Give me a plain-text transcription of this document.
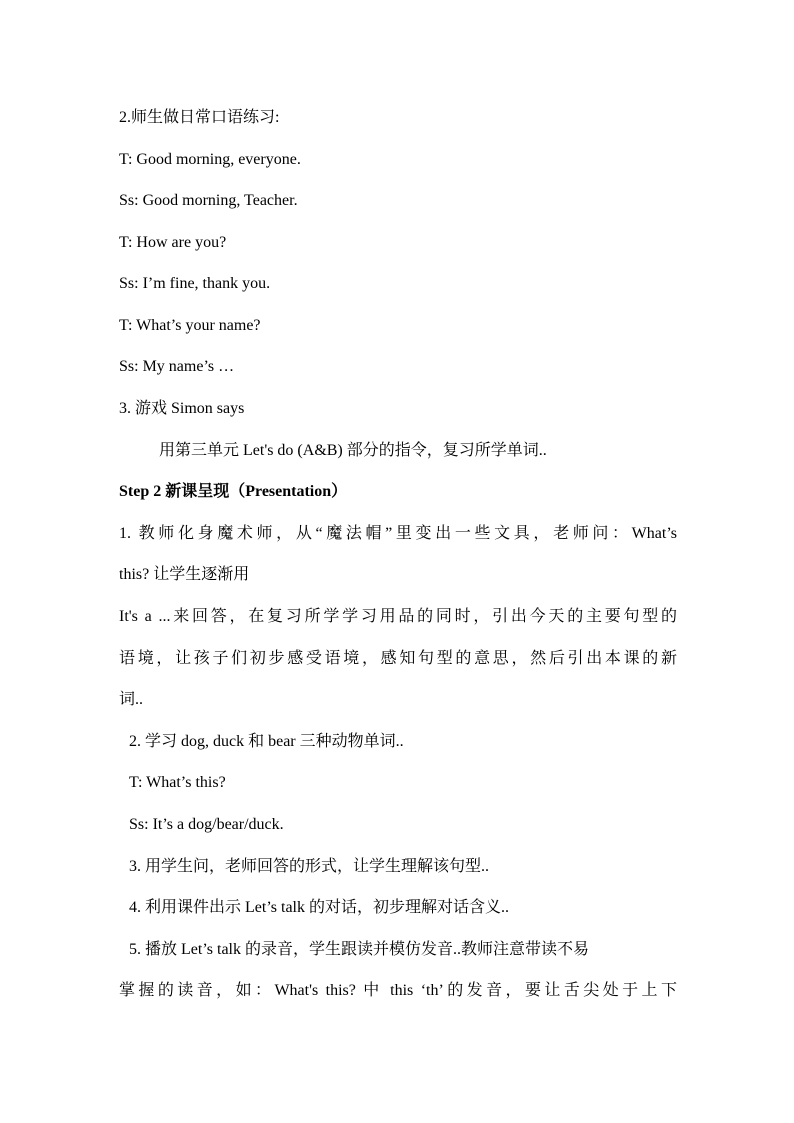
2.师生做日常口语练习:
T: Good morning, everyone.
Ss: Good morning, Teacher.
T: How are you?
Ss: I’m fine, thank you.
T: What’s your name?
Ss: My name’s …
3. 游戏 Simon says
用第三单元 Let's do (A&B) 部分的指令，复习所学单词..
Step 2 新课呈现（Presentation）
1. 教师化身魔术师，从“魔法帽”里变出一些文具，老师问：What’s
this? 让学生逐渐用
It's a ...来回答，在复习所学学习用品的同时，引出今天的主要句型的
语境，让孩子们初步感受语境，感知句型的意思，然后引出本课的新
词..
2. 学习 dog, duck 和 bear 三种动物单词..
T: What’s this?
Ss: It’s a dog/bear/duck.
3. 用学生问，老师回答的形式，让学生理解该句型..
4. 利用课件出示 Let’s talk 的对话，初步理解对话含义..
5. 播放 Let’s talk 的录音，学生跟读并模仿发音..教师注意带读不易
掌握的读音，如：What's this? 中 this ‘th’的发音，要让舌尖处于上下
